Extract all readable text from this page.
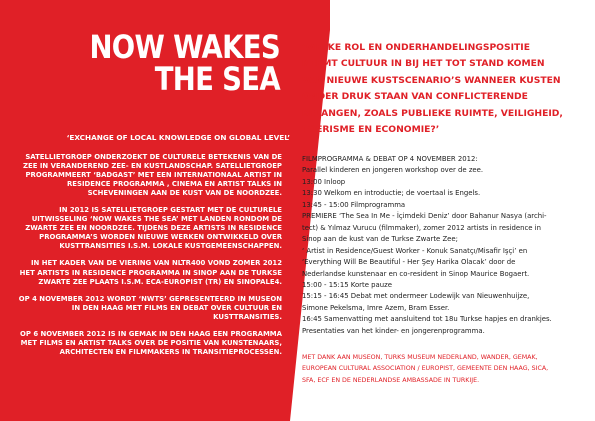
NOW WAKES
THE SEA
‘EXCHANGE OF LOCAL KNOWLEDGE ON GLOBAL LEVEL’

SATELLIETGROEP ONDERZOEKT DE CULTURELE BETEKENIS VAN DE ZEE IN VERANDEREND ZEE- EN KUSTLANDSCHAP. SATELLIETGROEP PROGRAMMEERT ‘BADGAST’ MET EEN INTERNATIONAAL ARTIST IN RESIDENCE PROGRAMMA , CINEMA EN ARTIST TALKS IN SCHEVENINGEN AAN DE KUST VAN DE NOORDZEE.

IN 2012 IS SATELLIETGROEP GESTART MET DE CULTURELE UITWISSELING ‘NOW WAKES THE SEA’ MET LANDEN RONDOM DE ZWARTE ZEE EN NOORDZEE. TIJDENS DEZE ARTISTS IN RESIDENCE PROGRAMMA’S WORDEN NIEUWE WERKEN ONTWIKKELD OVER KUSTTRANSITIES I.S.M. LOKALE KUSTGEMEENSCHAPPEN.

IN HET KADER VAN DE VIERING VAN NLTR400 VOND ZOMER 2012 HET ARTISTS IN RESIDENCE PROGRAMMA IN SINOP AAN DE TURKSE ZWARTE ZEE PLAATS I.S.M. ECA-EUROPIST (TR) EN SINOPALE4.

OP 4 NOVEMBER 2012 WORDT ‘NWTS’ GEPRESENTEERD IN MUSEON IN DEN HAAG MET FILMS EN DEBAT OVER CULTUUR EN KUSTTRANSITIES.

OP 6 NOVEMBER 2012 IS IN GEMAK IN DEN HAAG EEN PROGRAMMA MET FILMS EN ARTIST TALKS OVER DE POSITIE VAN KUNSTENAARS, ARCHITECTEN EN FILMMAKERS IN TRANSITIEPROCESSEN.

‘WELKE ROL EN ONDERHANDELINGSPOSITIE
NEEMT CULTUUR IN BIJ HET TOT STAND KOMEN
VAN NIEUWE KUSTSCENARIO’S WANNEER KUSTEN
ONDER DRUK STAAN VAN CONFLICTERENDE
BELANGEN, ZOALS PUBLIEKE RUIMTE, VEILIGHEID,
TOERISME EN ECONOMIE?’
FILMPROGRAMMA & DEBAT OP 4 NOVEMBER 2012:
Parallel kinderen en jongeren workshop over de zee.
13:00 Inloop
13:30 Welkom en introductie; de voertaal is Engels.
13:45 - 15:00 Filmprogramma
PREMIERE ‘The Sea In Me - İçimdeki Deniz’ door Bahanur Nasya (archi-
tect) & Yılmaz Vurucu (filmmaker), zomer 2012 artists in residence in
Sinop aan de kust van de Turkse Zwarte Zee;
‘ Artist in Residence/Guest Worker - Konuk Sanatçı/Misafir Işçi’ en
‘Everything Will Be Beautiful - Her Şey Harika Olacak’ door de
Nederlandse kunstenaar en co-resident in Sinop Maurice Bogaert.
15:00 - 15:15 Korte pauze
15:15 - 16:45 Debat met ondermeer Lodewijk van Nieuwenhuijze,
Simone Pekelsma, Imre Azem, Bram Esser.
16:45 Samenvatting met aansluitend tot 18u Turkse hapjes en drankjes.
Presentaties van het kinder- en jongerenprogramma.
MET DANK AAN MUSEON, TURKS MUSEUM NEDERLAND, WANDER, GEMAK,
EUROPEAN CULTURAL ASSOCIATION / EUROPIST, GEMEENTE DEN HAAG, SICA,
SFA, ECF EN DE NEDERLANDSE AMBASSADE IN TURKIJE.
